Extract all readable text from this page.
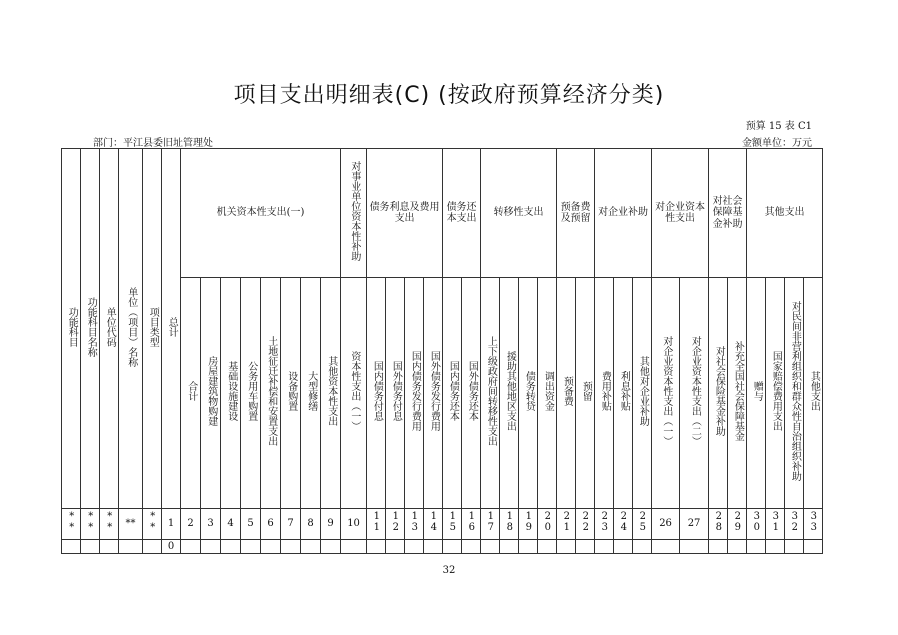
项目支出明细表(C) (按政府预算经济分类)
预算 15 表 C1
部门：平江县委旧址管理处	金额单位：万元
功能科目	功能科目名称	单位代码	单位（项目）名称	项目类型	总计	机关资本性支出(一)								对事业单位资本性补助	债务利息及费用支出				债务还本支出		转移性支出				预备费及预留		对企业补助			对企业资本性支出		对社会保障基金补助		其他支出			
						合计	房屋建筑物购建	基础设施建设	公务用车购置	土地征迁补偿和安置支出	设备购置	大型修缮	其他资本性支出	资本性支出（一）	国内债务付息	国外债务付息	国内债务发行费用	国外债务发行费用	国内债务还本	国外债务还本	上下级政府间转移性支出	援助其他地区支出	债务转贷	调出资金	预备费	预留	费用补贴	利息补贴	其他对企业补助	对企业资本性支出（一）	对企业资本性支出（二）	对社会保险基金补助	补充全国社会保障基金	赠与	国家赔偿费用支出	对民间非营利组织和群众性自治组织补助	其他支出
**	**	**	**	**	1	2	3	4	5	6	7	8	9	10	11	12	13	14	15	16	17	18	19	20	21	22	23	24	25	26	27	28	29	30	31	32	33
					0																																
32
